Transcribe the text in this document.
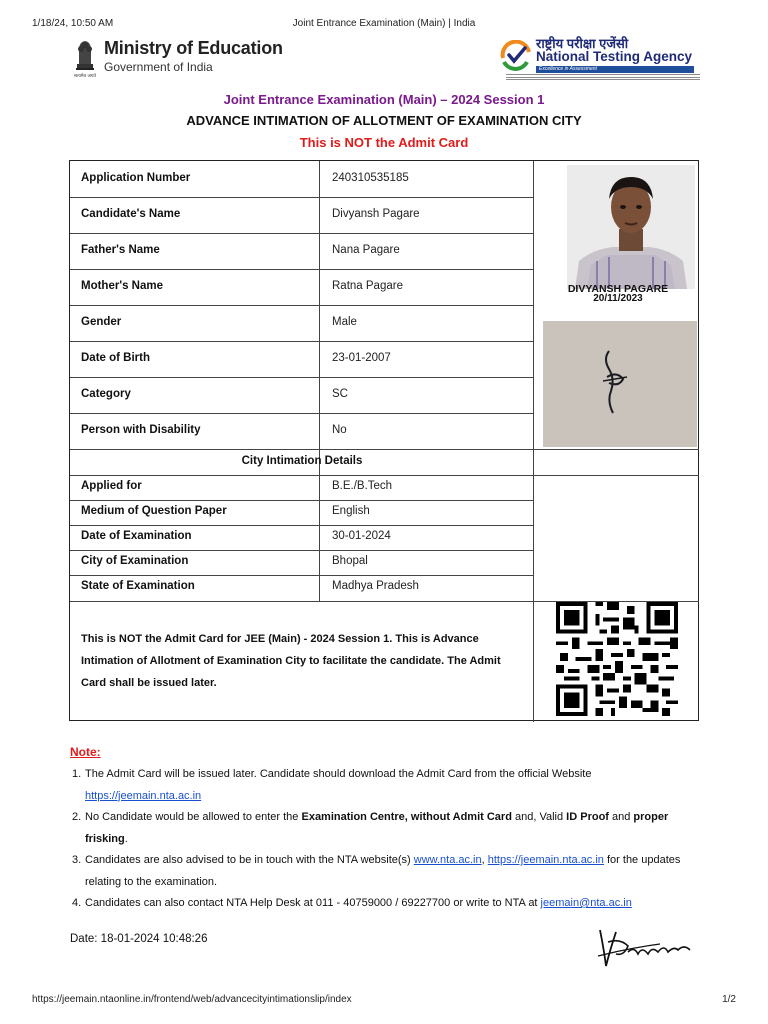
1/18/24, 10:50 AM	Joint Entrance Examination (Main) | India
सत्यमेव जयते
Ministry of Education
Government of India
राष्ट्रीय परीक्षा एजेंसी
National Testing Agency
Excellence in Assessment
Joint Entrance Examination (Main) – 2024 Session 1
ADVANCE INTIMATION OF ALLOTMENT OF EXAMINATION CITY
This is NOT the Admit Card
Application Number	240310535185
Candidate's Name	Divyansh Pagare
Father's Name	Nana Pagare
Mother's Name	Ratna Pagare
Gender	Male
Date of Birth	23-01-2007
Category	SC
Person with Disability	No
City Intimation Details
Applied for	B.E./B.Tech
Medium of Question Paper	English
Date of Examination	30-01-2024
City of Examination	Bhopal
State of Examination	Madhya Pradesh
This is NOT the Admit Card for JEE (Main) - 2024 Session 1. This is Advance Intimation of Allotment of Examination City to facilitate the candidate. The Admit Card shall be issued later.
DIVYANSH PAGARE
20/11/2023
Note:
1. The Admit Card will be issued later. Candidate should download the Admit Card from the official Website
https://jeemain.nta.ac.in
2. No Candidate would be allowed to enter the Examination Centre, without Admit Card and, Valid ID Proof and proper frisking.
3. Candidates are also advised to be in touch with the NTA website(s) www.nta.ac.in, https://jeemain.nta.ac.in for the updates relating to the examination.
4. Candidates can also contact NTA Help Desk at 011 - 40759000 / 69227700 or write to NTA at jeemain@nta.ac.in
Date: 18-01-2024 10:48:26
https://jeemain.ntaonline.in/frontend/web/advancecityintimationslip/index	1/2
